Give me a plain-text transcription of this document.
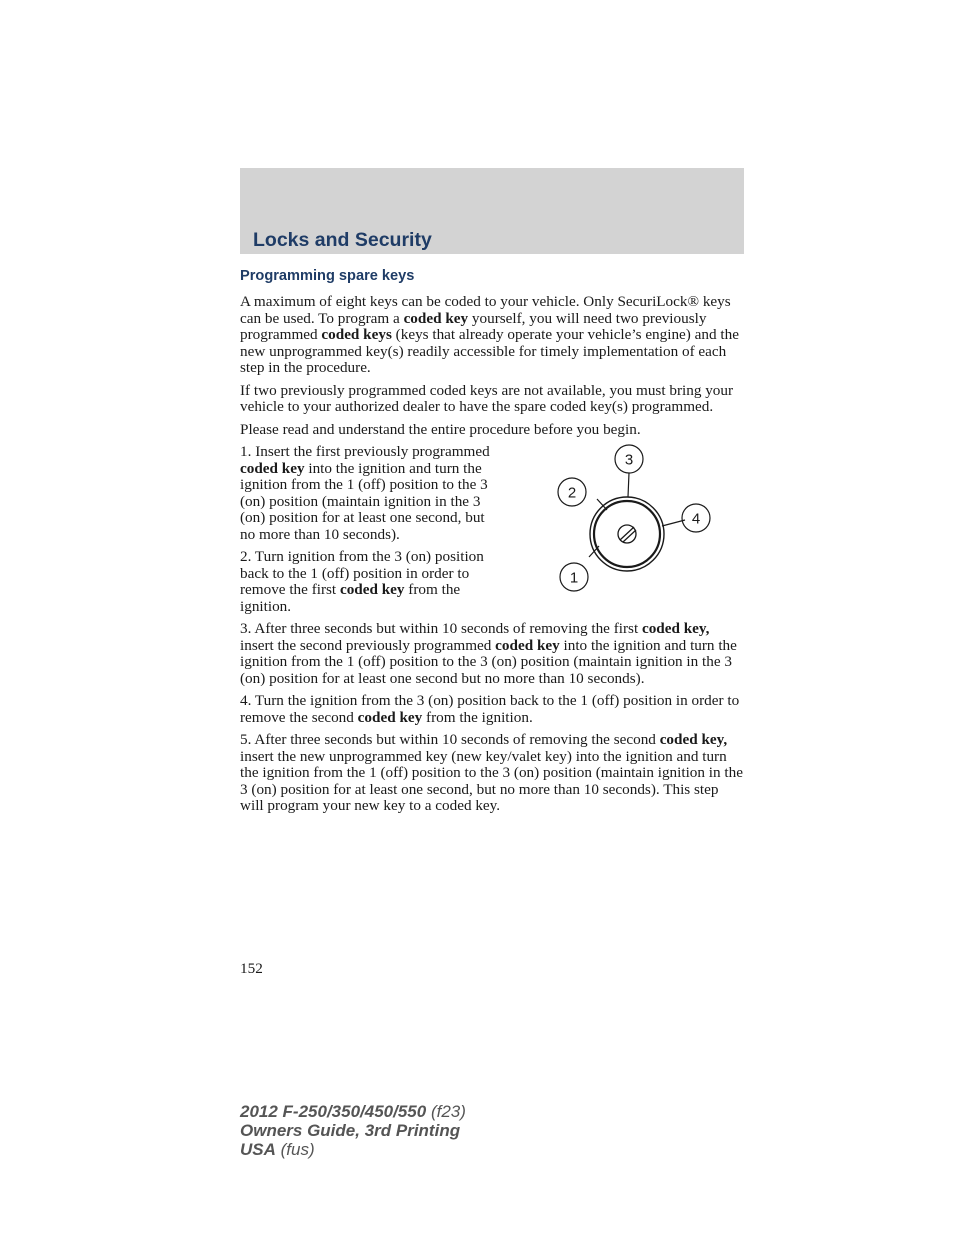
Locks and Security
Programming spare keys

A maximum of eight keys can be coded to your vehicle. Only SecuriLock® keys can be used. To program a coded key yourself, you will need two previously programmed coded keys (keys that already operate your vehicle’s engine) and the new unprogrammed key(s) readily accessible for timely implementation of each step in the procedure.

If two previously programmed coded keys are not available, you must bring your vehicle to your authorized dealer to have the spare coded key(s) programmed.

Please read and understand the entire procedure before you begin.

1. Insert the first previously programmed coded key into the ignition and turn the ignition from the 1 (off) position to the 3 (on) position (maintain ignition in the 3 (on) position for at least one second, but no more than 10 seconds).

2. Turn ignition from the 3 (on) position back to the 1 (off) position in order to remove the first coded key from the ignition.

3
2
4
1

3. After three seconds but within 10 seconds of removing the first coded key, insert the second previously programmed coded key into the ignition and turn the ignition from the 1 (off) position to the 3 (on) position (maintain ignition in the 3 (on) position for at least one second but no more than 10 seconds).

4. Turn the ignition from the 3 (on) position back to the 1 (off) position in order to remove the second coded key from the ignition.

5. After three seconds but within 10 seconds of removing the second coded key, insert the new unprogrammed key (new key/valet key) into the ignition and turn the ignition from the 1 (off) position to the 3 (on) position (maintain ignition in the 3 (on) position for at least one second, but no more than 10 seconds). This step will program your new key to a coded key.

152
2012 F-250/350/450/550 (f23)
Owners Guide, 3rd Printing
USA (fus)
